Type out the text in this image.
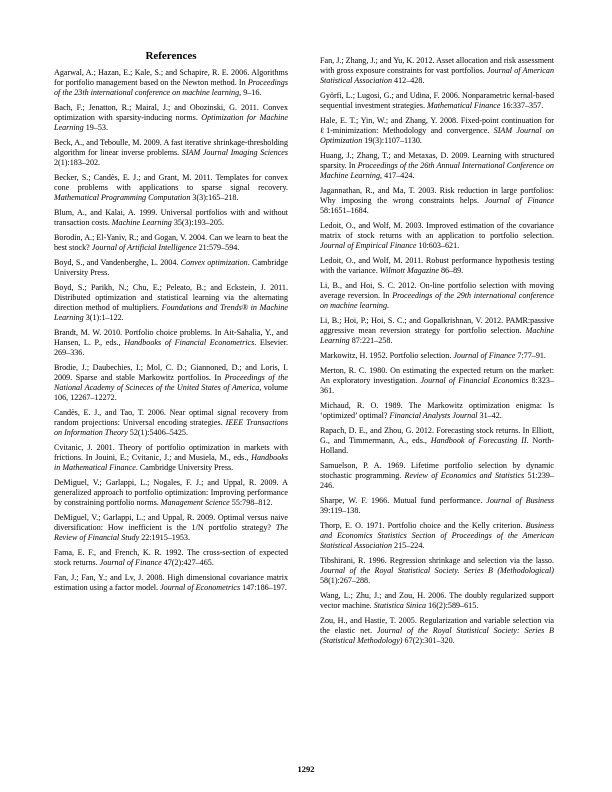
References
Agarwal, A.; Hazan, E.; Kale, S.; and Schapire, R. E. 2006. Algorithms for portfolio management based on the Newton method. In Proceedings of the 23th international conference on machine learning, 9–16.
Bach, F.; Jenatton, R.; Mairal, J.; and Obozinski, G. 2011. Convex optimization with sparsity-inducing norms. Optimization for Machine Learning 19–53.
Beck, A., and Teboulle, M. 2009. A fast iterative shrinkage-thresholding algorithm for linear inverse problems. SIAM Journal Imaging Sciences 2(1):183–202.
Becker, S.; Candès, E. J.; and Grant, M. 2011. Templates for convex cone problems with applications to sparse signal recovery. Mathematical Programming Computation 3(3):165–218.
Blum, A., and Kalai, A. 1999. Universal portfolios with and without transaction costs. Machine Learning 35(3):193–205.
Borodin, A.; El-Yaniv, R.; and Gogan, V. 2004. Can we learn to beat the best stock? Journal of Artificial Intelligence 21:579–594.
Boyd, S., and Vandenberghe, L. 2004. Convex optimization. Cambridge University Press.
Boyd, S.; Parikh, N.; Chu, E.; Peleato, B.; and Eckstein, J. 2011. Distributed optimization and statistical learning via the alternating direction method of multipliers. Foundations and Trends® in Machine Learning 3(1):1–122.
Brandt, M. W. 2010. Portfolio choice problems. In Ait-Sahalia, Y., and Hansen, L. P., eds., Handbooks of Financial Econometrics. Elsevier. 269–336.
Brodie, J.; Daubechies, I.; Mol, C. D.; Giannoned, D.; and Loris, I. 2009. Sparse and stable Markowitz portfolios. In Proceedings of the National Academy of Scineces of the United States of America, volume 106, 12267–12272.
Candès, E. J., and Tao, T. 2006. Near optimal signal recovery from random projections: Universal encoding strategies. IEEE Transactions on Information Theory 52(1):5406–5425.
Cvitanic, J. 2001. Theory of portfolio optimization in markets with frictions. In Jouini, E.; Cvitanic, J.; and Musiela, M., eds., Handbooks in Mathematical Finance. Cambridge University Press.
DeMiguel, V.; Garlappi, L.; Nogales, F. J.; and Uppal, R. 2009. A generalized approach to portfolio optimization: Improving performance by constraining portfolio norms. Management Science 55:798–812.
DeMiguel, V.; Garlappi, L.; and Uppal, R. 2009. Optimal versus naive diversification: How inefficient is the 1/N portfolio strategy? The Review of Financial Study 22:1915–1953.
Fama, E. F., and French, K. R. 1992. The cross-section of expected stock returns. Journal of Finance 47(2):427–465.
Fan, J.; Fan, Y.; and Lv, J. 2008. High dimensional covariance matrix estimation using a factor model. Journal of Econometrics 147:186–197.
Fan, J.; Zhang, J.; and Yu, K. 2012. Asset allocation and risk assessment with gross exposure constraints for vast portfolios. Journal of American Statistical Association 412–428.
Györfi, L.; Lugosi, G.; and Udina, F. 2006. Nonparametric kernal-based sequential investment strategies. Mathematical Finance 16:337–357.
Hale, E. T.; Yin, W.; and Zhang, Y. 2008. Fixed-point continuation for ℓ1-minimization: Methodology and convergence. SIAM Journal on Optimization 19(3):1107–1130.
Huang, J.; Zhang, T.; and Metaxas, D. 2009. Learning with structured sparsity. In Proceedings of the 26th Annual International Conference on Machine Learning, 417–424.
Jagannathan, R., and Ma, T. 2003. Risk reduction in large portfolios: Why imposing the wrong constraints helps. Journal of Finance 58:1651–1684.
Ledoit, O., and Wolf, M. 2003. Improved estimation of the covariance matrix of stock returns with an application to portfolio selection. Journal of Empirical Finance 10:603–621.
Ledoit, O., and Wolf, M. 2011. Robust performance hypothesis testing with the variance. Wilmott Magazine 86–89.
Li, B., and Hoi, S. C. 2012. On-line portfolio selection with moving average reversion. In Proceedings of the 29th international conference on machine learning.
Li, B.; Hoi, P.; Hoi, S. C.; and Gopalkrishnan, V. 2012. PAMR:passive aggressive mean reversion strategy for portfolio selection. Machine Learning 87:221–258.
Markowitz, H. 1952. Portfolio selection. Journal of Finance 7:77–91.
Merton, R. C. 1980. On estimating the expected return on the market: An exploratory investigation. Journal of Financial Economics 8:323–361.
Michaud, R. O. 1989. The Markowitz optimization enigma: Is ‘optimized’ optimal? Financial Analysts Journal 31–42.
Rapach, D. E., and Zhou, G. 2012. Forecasting stock returns. In Elliott, G., and Timmermann, A., eds., Handbook of Forecasting II. North-Holland.
Samuelson, P. A. 1969. Lifetime portfolio selection by dynamic stochastic programming. Review of Economics and Statistics 51:239–246.
Sharpe, W. F. 1966. Mutual fund performance. Journal of Business 39:119–138.
Thorp, E. O. 1971. Portfolio choice and the Kelly criterion. Business and Economics Statistics Section of Proceedings of the American Statistical Association 215–224.
Tibshirani, R. 1996. Regression shrinkage and selection via the lasso. Journal of the Royal Statistical Society. Series B (Methodological) 58(1):267–288.
Wang, L.; Zhu, J.; and Zou, H. 2006. The doubly regularized support vector machine. Statistica Sinica 16(2):589–615.
Zou, H., and Hastie, T. 2005. Regularization and variable selection via the elastic net. Journal of the Royal Statistical Society: Series B (Statistical Methodology) 67(2):301–320.
1292
